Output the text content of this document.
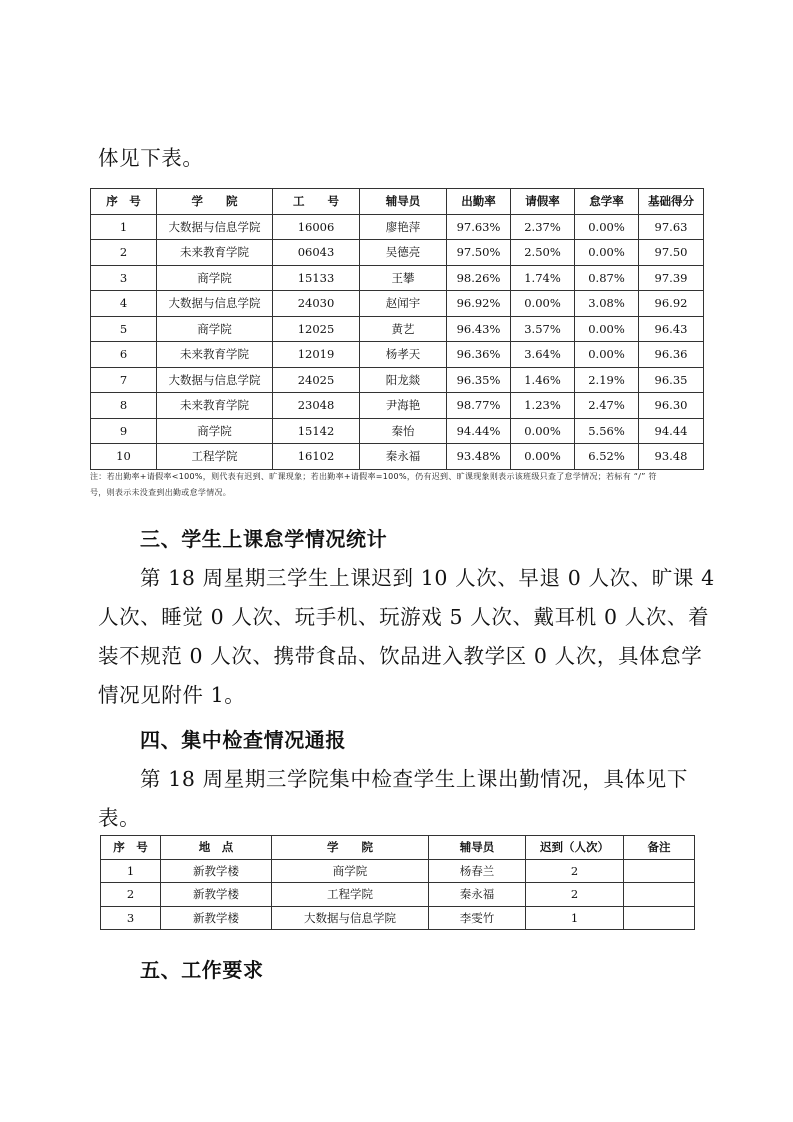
体见下表。
序　号	学　　院	工　　号	辅导员	出勤率	请假率	怠学率	基础得分
1	大数据与信息学院	16006	廖艳萍	97.63%	2.37%	0.00%	97.63
2	未来教育学院	06043	吴德亮	97.50%	2.50%	0.00%	97.50
3	商学院	15133	王攀	98.26%	1.74%	0.87%	97.39
4	大数据与信息学院	24030	赵闻宇	96.92%	0.00%	3.08%	96.92
5	商学院	12025	黄艺	96.43%	3.57%	0.00%	96.43
6	未来教育学院	12019	杨孝天	96.36%	3.64%	0.00%	96.36
7	大数据与信息学院	24025	阳龙燚	96.35%	1.46%	2.19%	96.35
8	未来教育学院	23048	尹海艳	98.77%	1.23%	2.47%	96.30
9	商学院	15142	秦怡	94.44%	0.00%	5.56%	94.44
10	工程学院	16102	秦永福	93.48%	0.00%	6.52%	93.48
注：若出勤率+请假率<100%，则代表有迟到、旷课现象；若出勤率+请假率=100%，仍有迟到、旷课现象则表示该班级只查了怠学情况；若标有 “/” 符
号，则表示未没查到出勤或怠学情况。
三、学生上课怠学情况统计
第 18 周星期三学生上课迟到 10 人次、早退 0 人次、旷课 4
人次、睡觉 0 人次、玩手机、玩游戏 5 人次、戴耳机 0 人次、着
装不规范 0 人次、携带食品、饮品进入教学区 0 人次，具体怠学
情况见附件 1。
四、集中检查情况通报
第 18 周星期三学院集中检查学生上课出勤情况，具体见下
表。
序　号	地　点	学　　院	辅导员	迟到（人次）	备注
1	新教学楼	商学院	杨春兰	2	
2	新教学楼	工程学院	秦永福	2	
3	新教学楼	大数据与信息学院	李雯竹	1	
五、工作要求
